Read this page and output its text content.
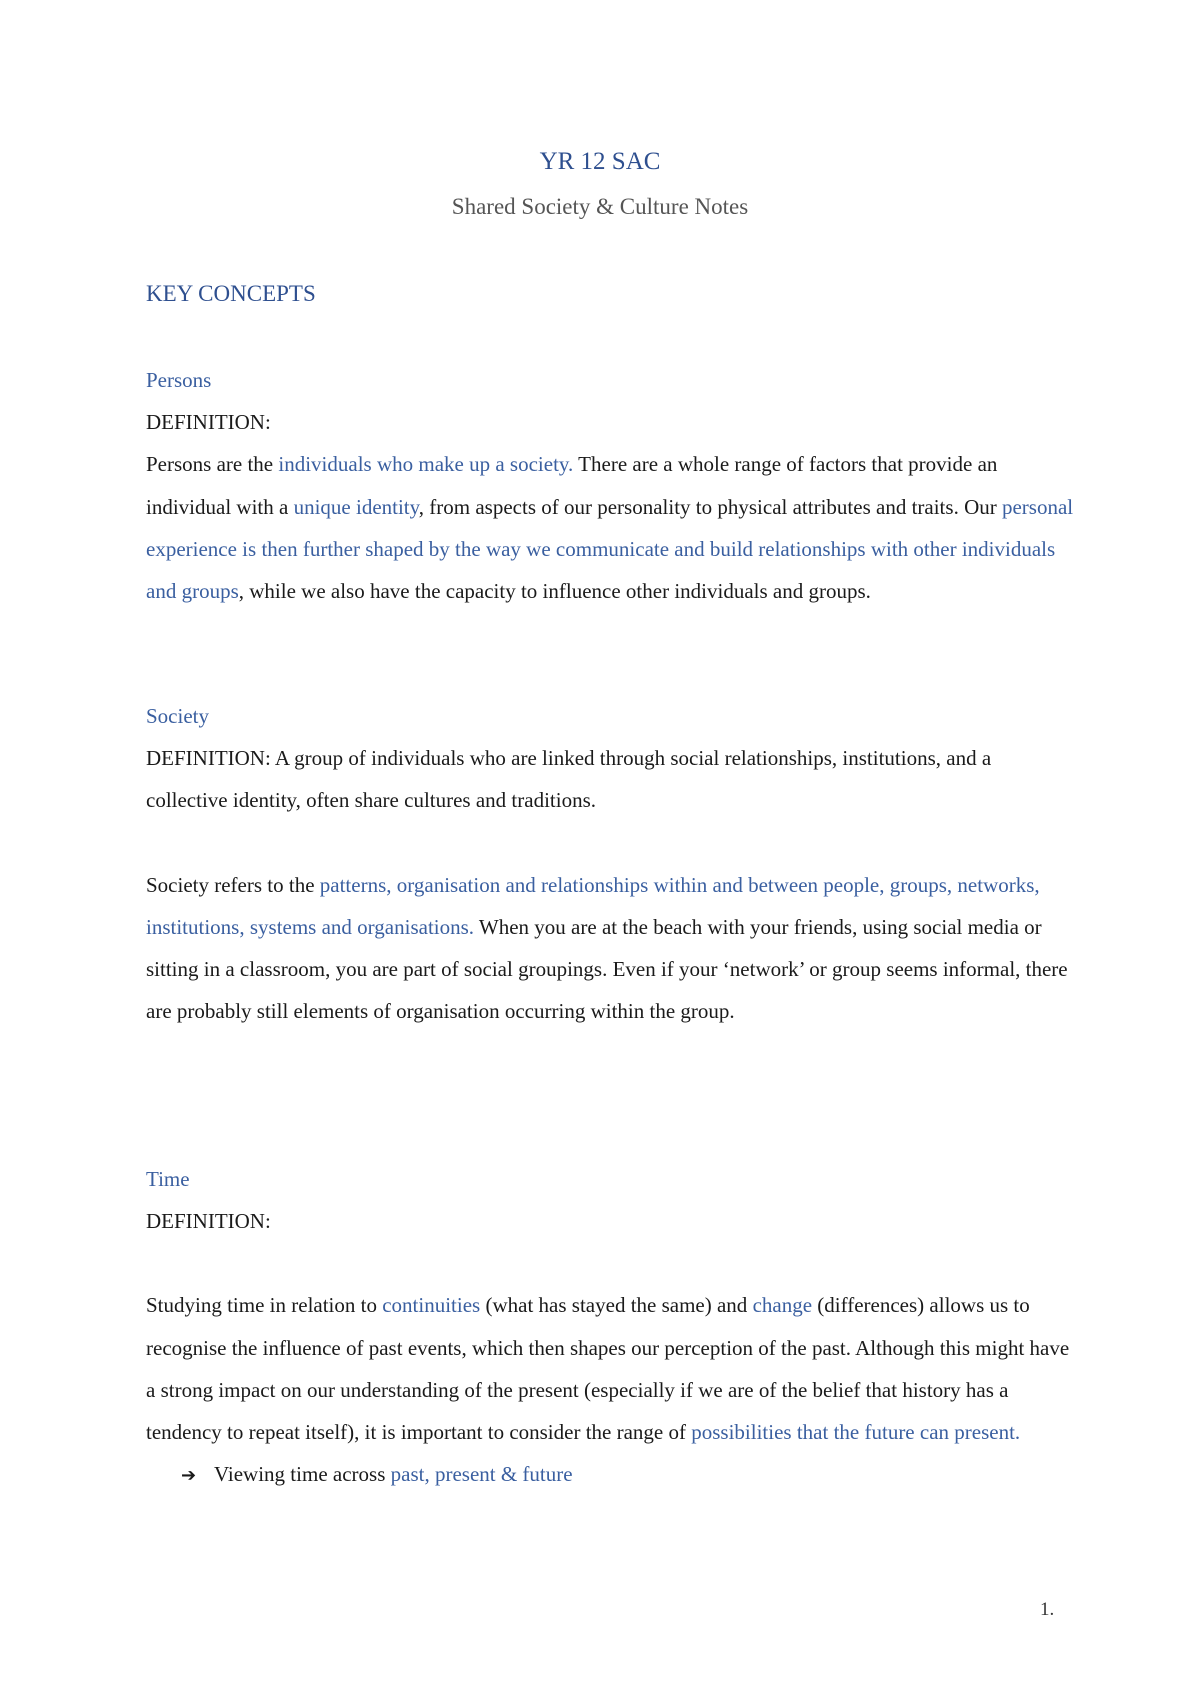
YR 12 SAC
Shared Society & Culture Notes
KEY CONCEPTS

Persons

DEFINITION:

Persons are the individuals who make up a society. There are a whole range of factors that provide an individual with a unique identity, from aspects of our personality to physical attributes and traits. Our personal experience is then further shaped by the way we communicate and build relationships with other individuals and groups, while we also have the capacity to influence other individuals and groups.

Society

DEFINITION: A group of individuals who are linked through social relationships, institutions, and a collective identity, often share cultures and traditions.

Society refers to the patterns, organisation and relationships within and between people, groups, networks, institutions, systems and organisations. When you are at the beach with your friends, using social media or sitting in a classroom, you are part of social groupings. Even if your ‘network’ or group seems informal, there are probably still elements of organisation occurring within the group.

Time

DEFINITION:

Studying time in relation to continuities (what has stayed the same) and change (differences) allows us to recognise the influence of past events, which then shapes our perception of the past. Although this might have a strong impact on our understanding of the present (especially if we are of the belief that history has a tendency to repeat itself), it is important to consider the range of possibilities that the future can present.

➔ Viewing time across past, present & future

1.
